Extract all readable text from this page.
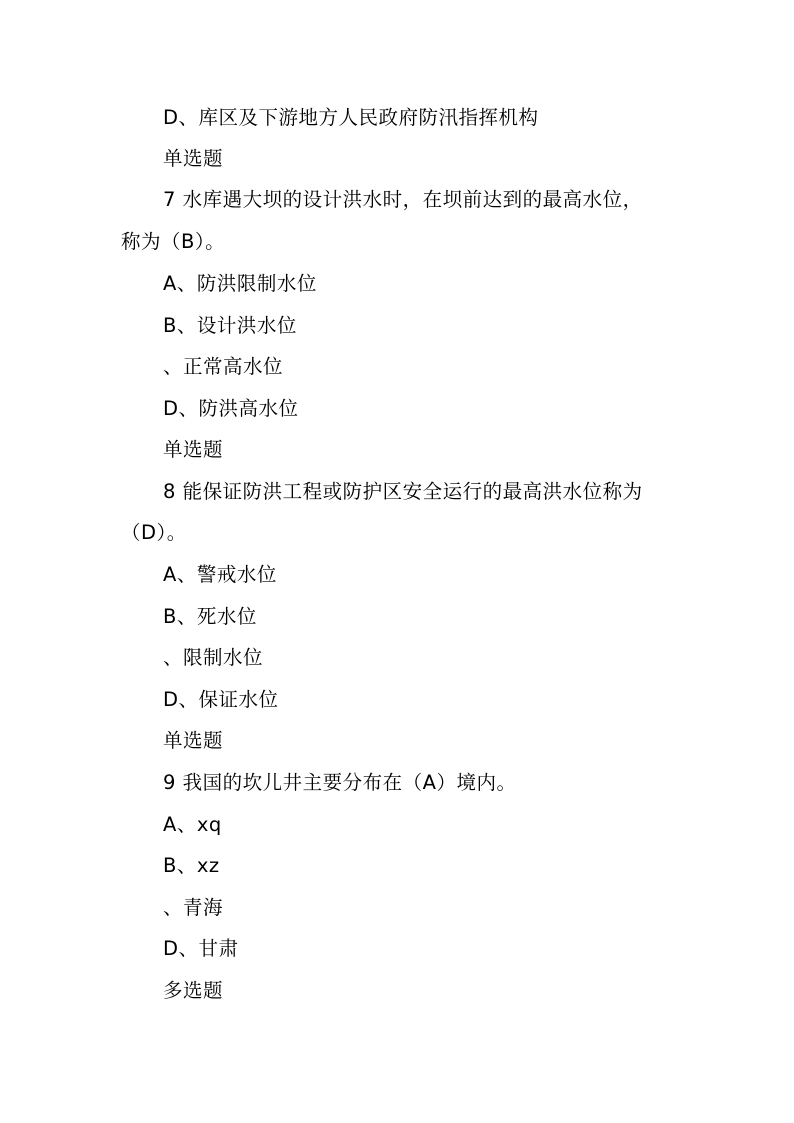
D、库区及下游地方人民政府防汛指挥机构
单选题
7 水库遇大坝的设计洪水时，在坝前达到的最高水位，
称为（B）。
A、防洪限制水位
B、设计洪水位
、正常高水位
D、防洪高水位
单选题
8 能保证防洪工程或防护区安全运行的最高洪水位称为
（D）。
A、警戒水位
B、死水位
、限制水位
D、保证水位
单选题
9 我国的坎儿井主要分布在（A）境内。
A、xq
B、xz
、青海
D、甘肃
多选题
